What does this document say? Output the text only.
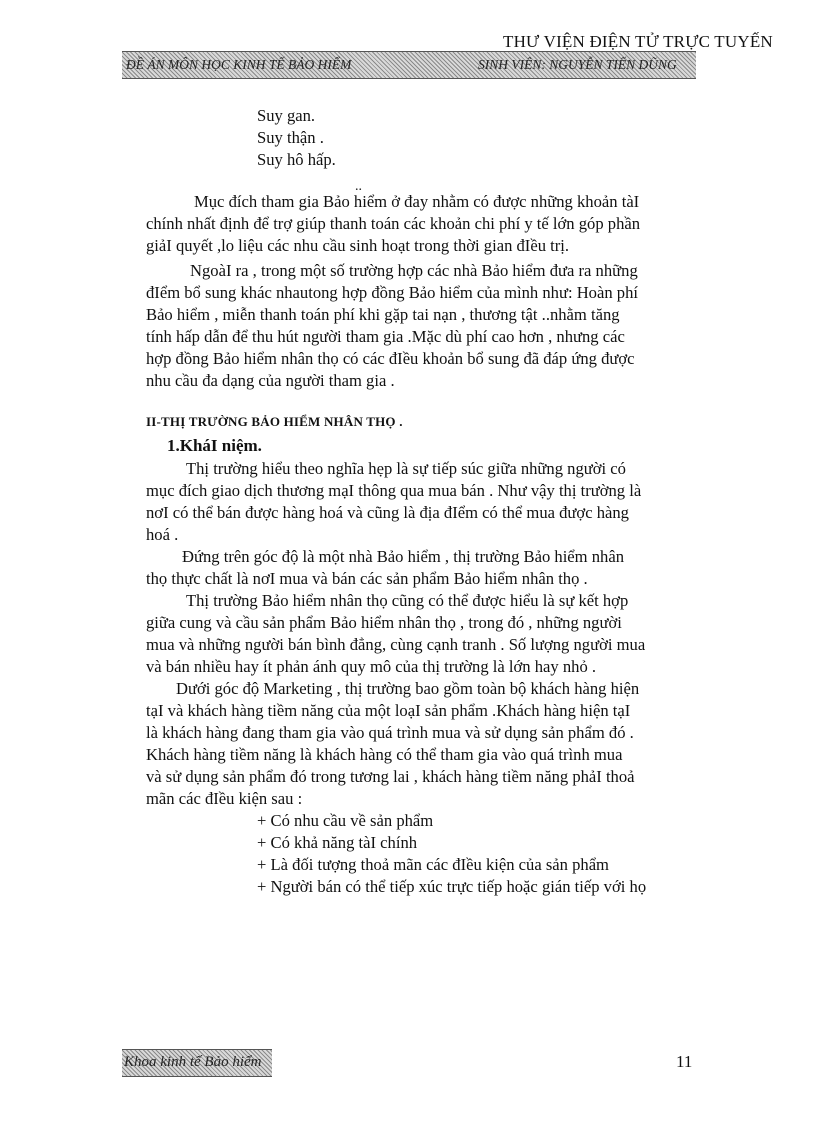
THƯ VIỆN ĐIỆN TỬ TRỰC TUYẾN
ĐỀ ÁN MÔN HỌC KINH TẾ BẢO HIỂM	SINH VIÊN: NGUYỄN TIẾN DŨNG
Suy gan.
Suy thận .
Suy hô hấp.
..
Mục đích tham gia Bảo hiểm ở đay nhằm có được những khoản tàI
chính nhất định để trợ giúp thanh toán các khoản chi phí y tế lớn góp phần
giảI quyết ,lo liệu các nhu cầu sinh hoạt trong thời gian đIều trị.
NgoàI ra , trong một số trường hợp các nhà Bảo hiểm đưa ra những
đIểm bổ sung khác nhautong hợp đồng Bảo hiểm của mình như: Hoàn phí
Bảo hiểm , miễn thanh toán phí khi gặp tai nạn , thương tật ..nhằm tăng
tính hấp dẫn để thu hút người tham gia .Mặc dù phí cao hơn , nhưng các
hợp đồng Bảo hiểm nhân thọ có các đIều khoản bổ sung đã đáp ứng được
nhu cầu đa dạng của người tham gia .
II-THỊ TRƯỜNG BẢO HIỂM NHÂN THỌ .
1.KháI niệm.
Thị trường hiểu theo nghĩa hẹp là sự tiếp súc giữa những người có
mục đích giao dịch thương mạI thông qua mua bán . Như vậy thị trường là
nơI có thể bán được hàng hoá và cũng là địa đIểm có thể mua được hàng
hoá .
Đứng trên góc độ là một nhà Bảo hiểm , thị trường Bảo hiểm nhân
thọ thực chất là nơI mua và bán các sản phẩm Bảo hiểm nhân thọ .
Thị trường Bảo hiểm nhân thọ cũng có thể được hiểu là sự kết hợp
giữa cung và cầu sản phẩm Bảo hiểm nhân thọ , trong đó , những người
mua và những người bán bình đẳng, cùng cạnh tranh . Số lượng người mua
và bán nhiều hay ít phản ánh quy mô của thị trường là lớn hay nhỏ .
Dưới góc độ Marketing , thị trường bao gồm toàn bộ khách hàng hiện
tạI và khách hàng tiềm năng của một loạI sản phẩm .Khách hàng hiện tạI
là khách hàng đang tham gia vào quá trình mua và sử dụng sản phẩm đó .
Khách hàng tiềm năng là khách hàng có thể tham gia vào quá trình mua
và sử dụng sản phẩm đó trong tương lai , khách hàng tiềm năng phảI thoả
mãn các đIều kiện sau :
+ Có nhu cầu về sản phẩm
+ Có khả năng tàI chính
+ Là đối tượng thoả mãn các đIều kiện của sản phẩm
+ Người bán có thể tiếp xúc trực tiếp hoặc gián tiếp với họ
Khoa kinh tế Bảo hiểm	11
